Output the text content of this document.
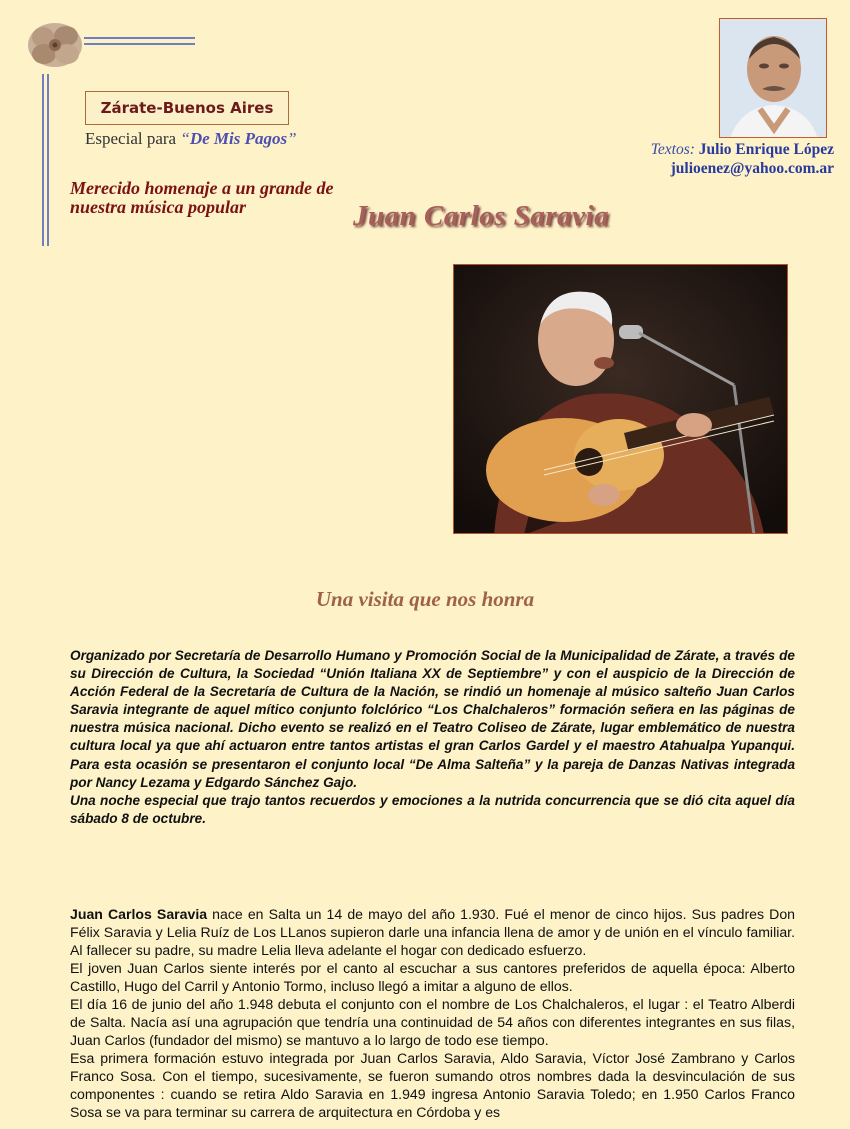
Zárate-Buenos Aires
Especial para “De Mis Pagos”
Textos: Julio Enrique López
julioenez@yahoo.com.ar
Merecido homenaje a un grande de
nuestra música popular	Juan Carlos Saravia
Una visita que nos honra

Organizado por Secretaría de Desarrollo Humano y Promoción Social de la Municipalidad de Zárate, a través de su Dirección de Cultura, la Sociedad “Unión Italiana XX de Septiembre” y con el auspicio de la Dirección de Acción Federal de la Secretaría de Cultura de la Nación, se rindió un homenaje al músico salteño Juan Carlos Saravia integrante de aquel mítico conjunto folclórico “Los Chalchaleros” formación señera en las páginas de nuestra música nacional. Dicho evento se realizó en el Teatro Coliseo de Zárate, lugar emblemático de nuestra cultura local ya que ahí actuaron entre tantos artistas el gran Carlos Gardel y el maestro Atahualpa Yupanqui. Para esta ocasión se presentaron el conjunto local “De Alma Salteña” y la pareja de Danzas Nativas integrada por Nancy Lezama y Edgardo Sánchez Gajo.

Una noche especial que trajo tantos recuerdos y emociones a la nutrida concurrencia que se dió cita aquel día sábado 8 de octubre.

Juan Carlos Saravia nace en Salta un 14 de mayo del año 1.930. Fué el menor de cinco hijos. Sus padres Don Félix Saravia y Lelia Ruíz de Los LLanos supieron darle una infancia llena de amor y de unión en el vínculo familiar. Al fallecer su padre, su madre Lelia lleva adelante el hogar con dedicado esfuerzo.

El joven Juan Carlos siente interés por el canto al escuchar a sus cantores preferidos de aquella época: Alberto Castillo, Hugo del Carril y Antonio Tormo, incluso llegó a imitar a alguno de ellos.

El día 16 de junio del año 1.948 debuta el conjunto con el nombre de Los Chalchaleros, el lugar : el Teatro Alberdi de Salta. Nacía así una agrupación que tendría una continuidad de 54 años con diferentes integrantes en sus filas, Juan Carlos (fundador del mismo) se mantuvo a lo largo de todo ese tiempo.

Esa primera formación estuvo integrada por Juan Carlos Saravia, Aldo Saravia, Víctor José Zambrano y Carlos Franco Sosa. Con el tiempo, sucesivamente, se fueron sumando otros nombres dada la desvinculación de sus componentes : cuando se retira Aldo Saravia en 1.949 ingresa Antonio Saravia Toledo; en 1.950 Carlos Franco Sosa se va para terminar su carrera de arquitectura en Córdoba y es
